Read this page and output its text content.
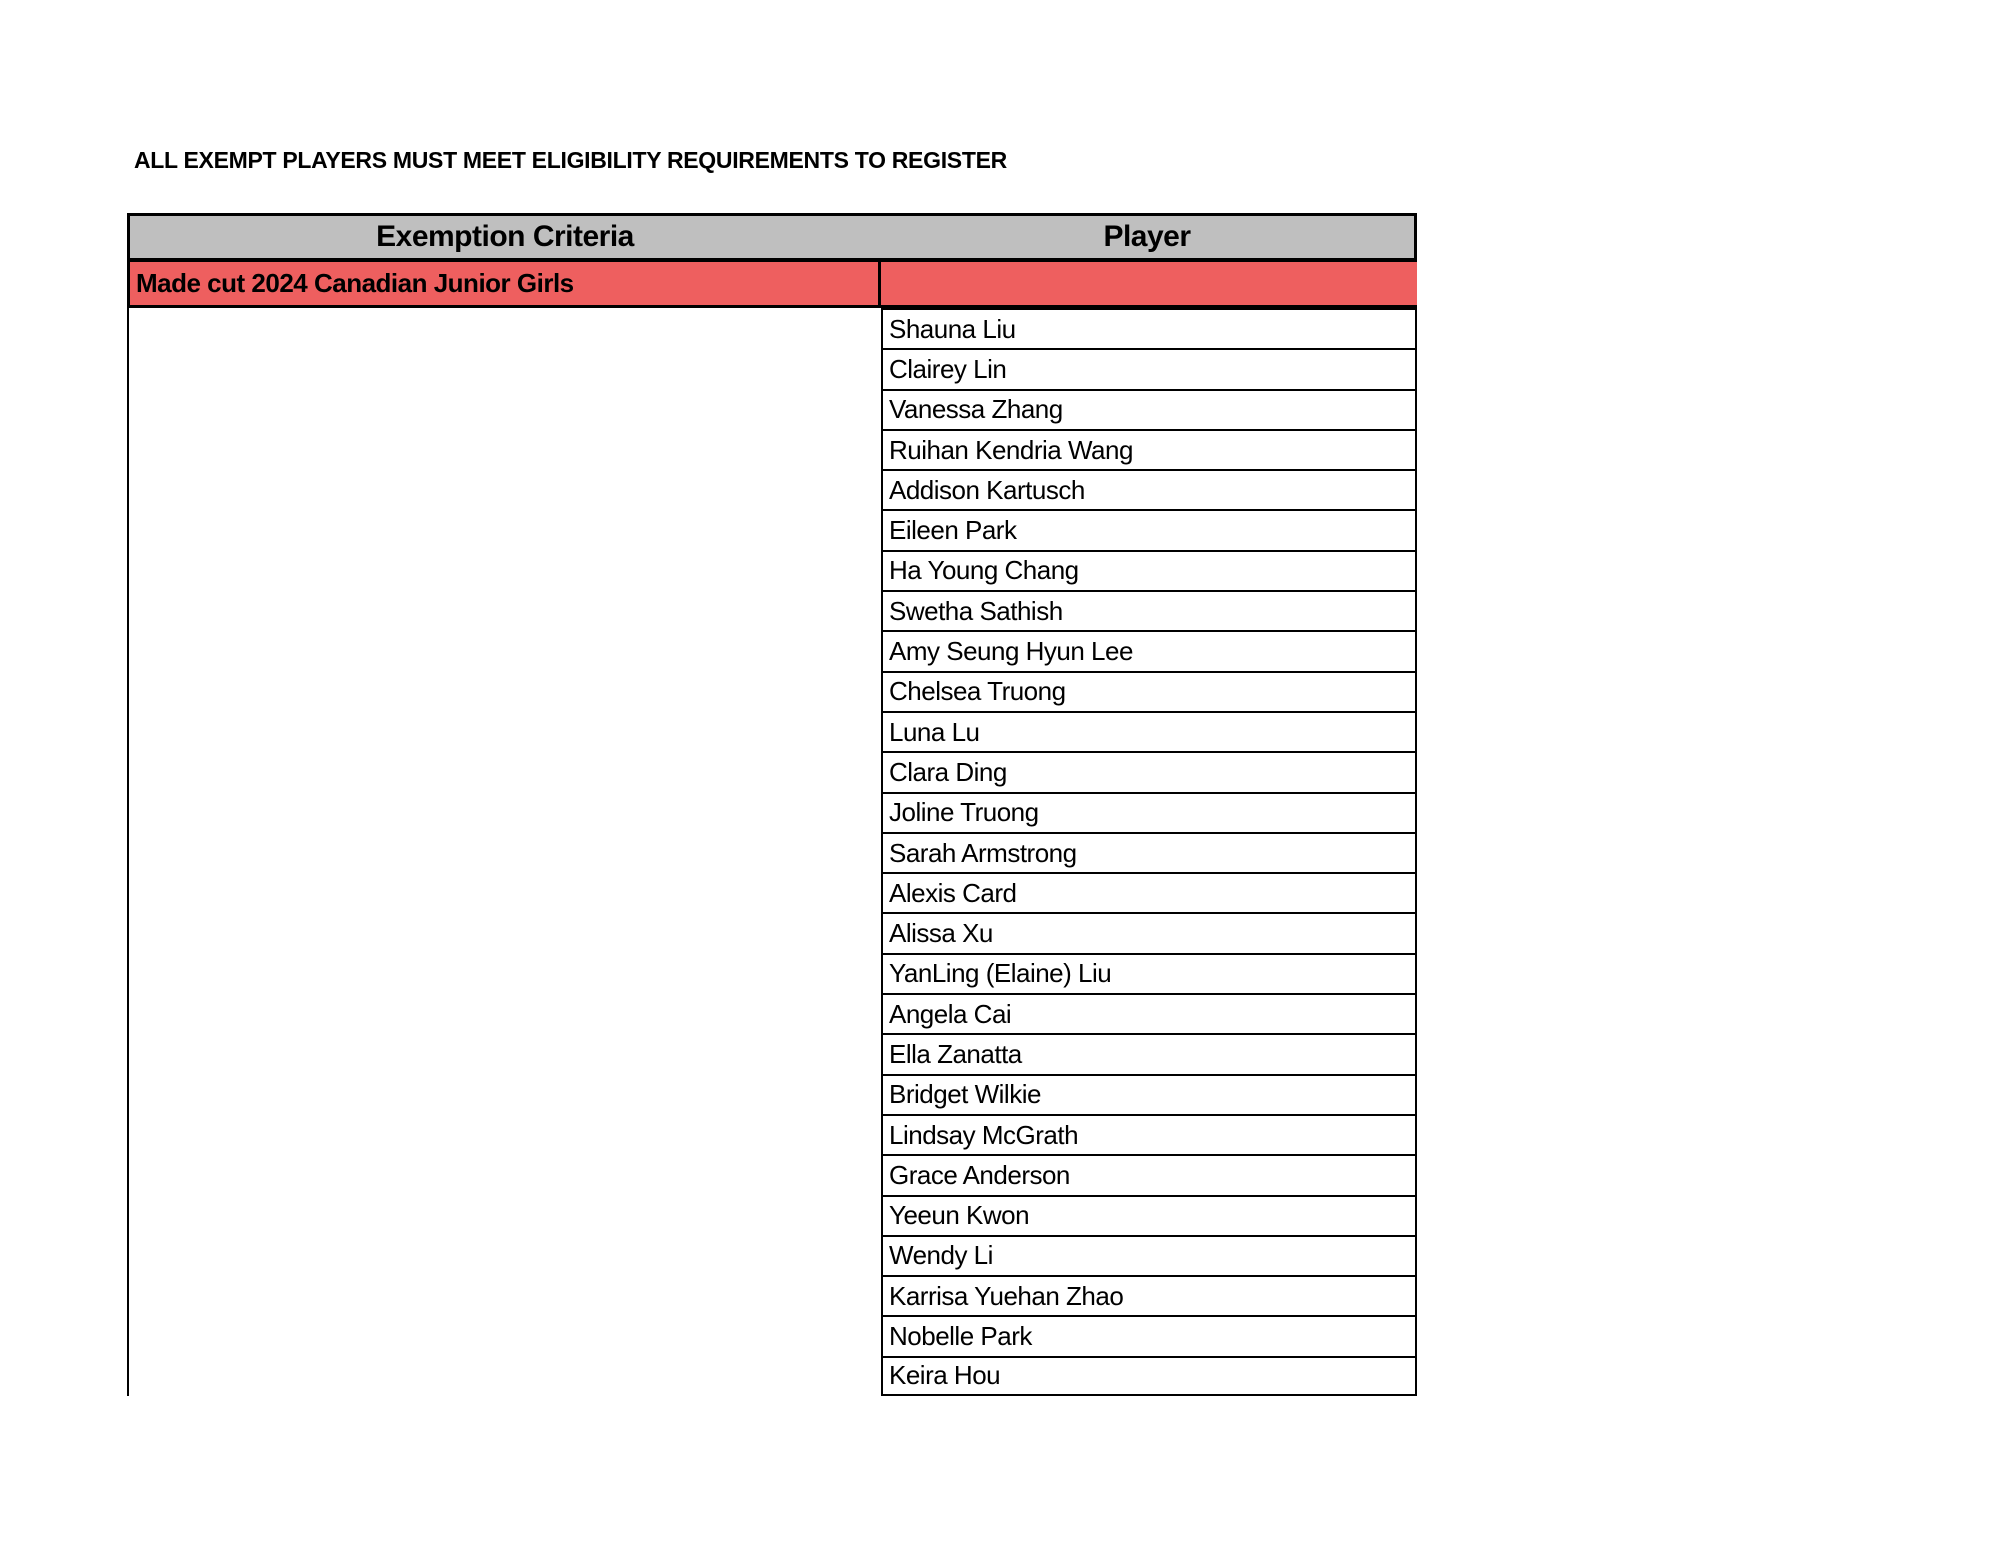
ALL EXEMPT PLAYERS MUST MEET ELIGIBILITY REQUIREMENTS TO REGISTER
Exemption Criteria	Player
Made cut 2024 Canadian Junior Girls
Shauna Liu
Clairey Lin
Vanessa Zhang
Ruihan Kendria Wang
Addison Kartusch
Eileen Park
Ha Young Chang
Swetha Sathish
Amy Seung Hyun Lee
Chelsea Truong
Luna Lu
Clara Ding
Joline Truong
Sarah Armstrong
Alexis Card
Alissa Xu
YanLing (Elaine) Liu
Angela Cai
Ella Zanatta
Bridget Wilkie
Lindsay McGrath
Grace Anderson
Yeeun Kwon
Wendy Li
Karrisa Yuehan Zhao
Nobelle Park
Keira Hou
